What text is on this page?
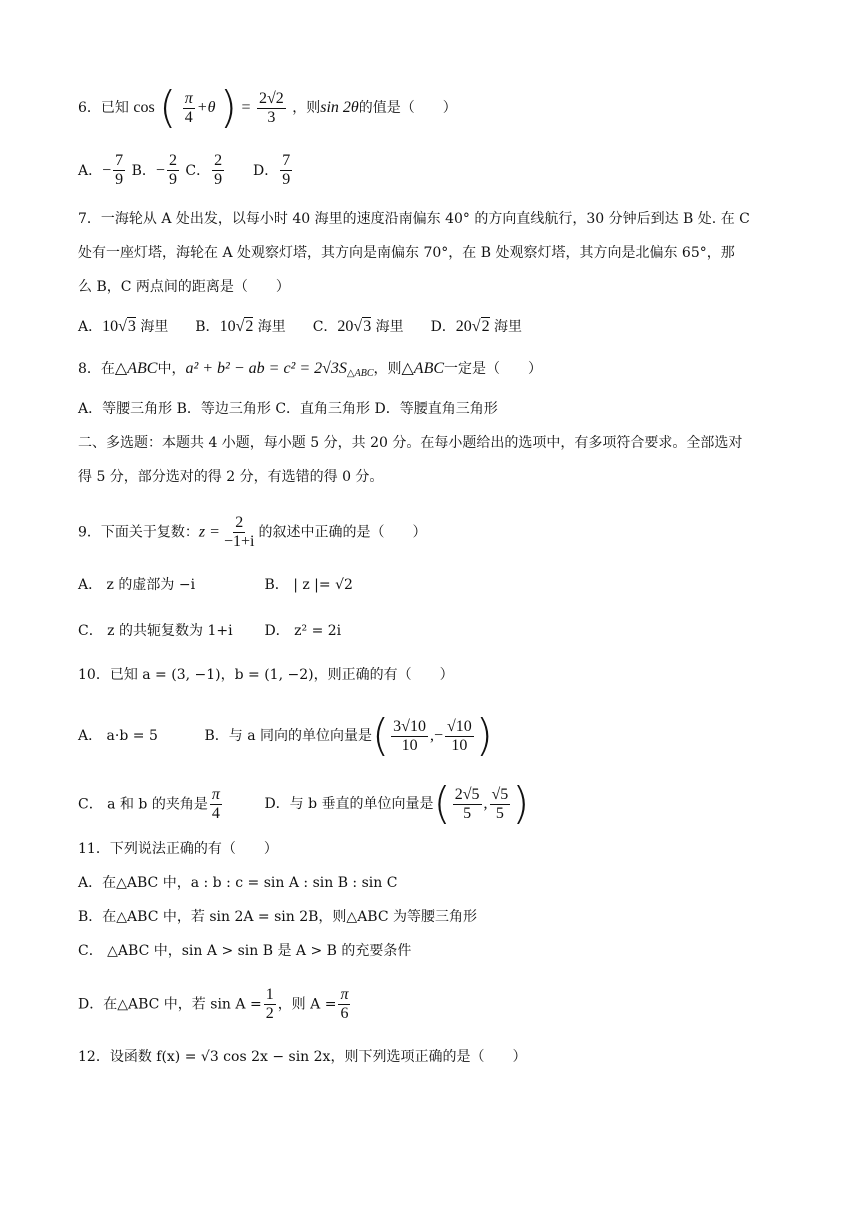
6．已知 cos ( $\frac{\pi}{4} +\theta$ ) = $\frac{2√2}{3}$ ，则sin 2θ的值是（　　）
A．− $\frac{7}{9}$ B．− $\frac{2}{9}$ C． $\frac{2}{9}$ D． $\frac{7}{9}$
7．一海轮从 A 处出发，以每小时 40 海里的速度沿南偏东 40° 的方向直线航行，30 分钟后到达 B 处. 在 C
处有一座灯塔，海轮在 A 处观察灯塔，其方向是南偏东 70°，在 B 处观察灯塔，其方向是北偏东 65°，那
么 B，C 两点间的距离是（　　）
A．10√3 海里 B．10√2 海里 C．20√3 海里 D．20√2 海里
8．在△ABC中，a² + b² − ab = $c^2 = 2√3S_{\triangle ABC}$，则△ABC一定是（　　）
A．等腰三角形 B．等边三角形 C．直角三角形 D．等腰直角三角形
二、多选题：本题共 4 小题，每小题 5 分，共 20 分。在每小题给出的选项中，有多项符合要求。全部选对
得 5 分，部分选对的得 2 分，有选错的得 0 分。
9．下面关于复数：$z = \frac{2}{-1+i}$ 的叙述中正确的是（　　）
A． z 的虚部为 −i	B． | z |= √2
C． z 的共轭复数为 1+i D． z² = 2i
10．已知 a = (3, −1)，b = (1, −2)，则正确的有（　　）
A． a·b = 5	B．与 a 同向的单位向量是( $\frac{3√10}{10}$ ,− $\frac{√10}{10}$ )
C． a 和 b 的夹角是 $\frac{\pi}{4}$	D．与 b 垂直的单位向量是( $\frac{2√5}{5}$ , $\frac{√5}{5}$ )
11．下列说法正确的有（　　）
A．在△ABC 中，a : b : c = sin A : sin B : sin C
B．在△ABC 中，若 sin 2A = sin 2B，则△ABC 为等腰三角形
C． △ABC 中，sin A > sin B 是 A > B 的充要条件
D．在△ABC 中，若 $\sin A = \frac{1}{2}$ ，则 $A = \frac{\pi}{6}$
12．设函数 f(x) = √3 cos 2x − sin 2x，则下列选项正确的是（　　）
